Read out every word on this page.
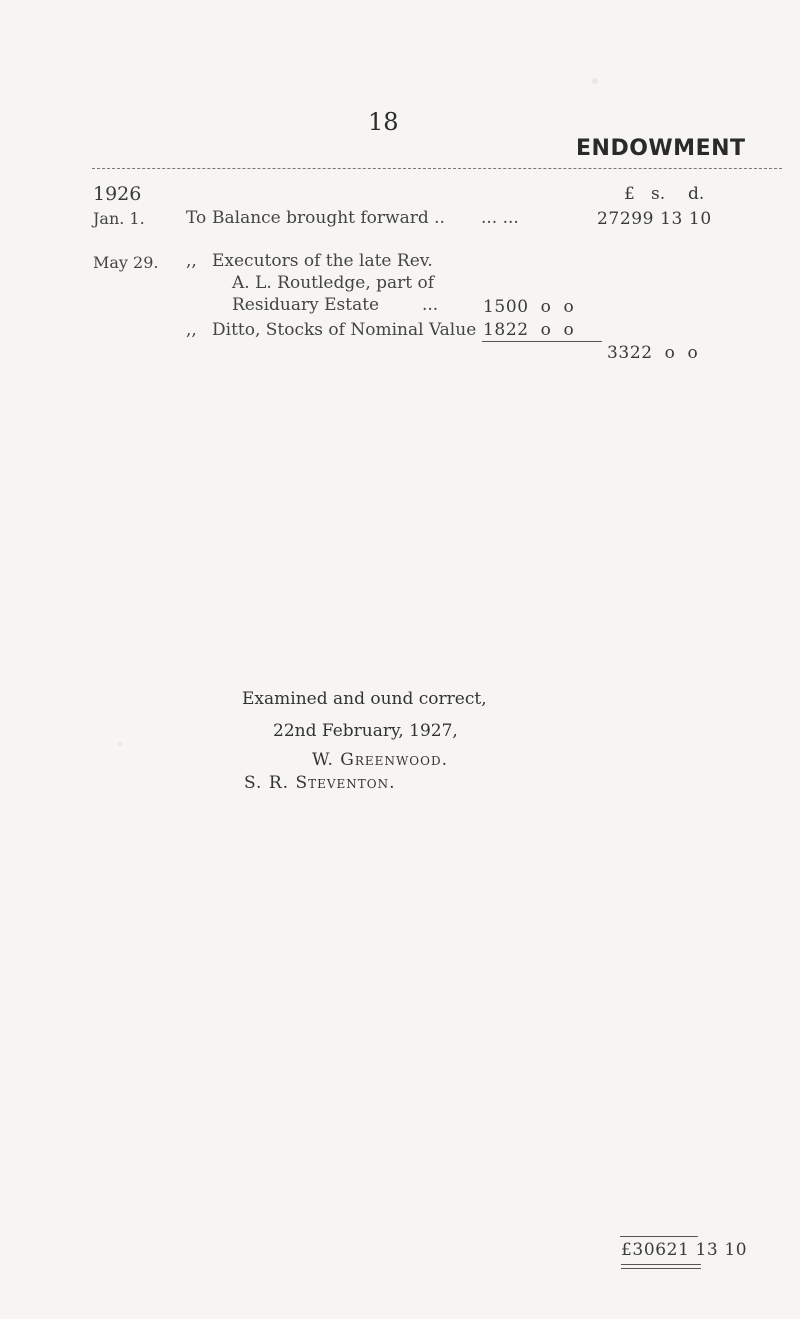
18
ENDOWMENT
1926	£ s. d.
Jan. 1. To Balance brought forward .. ... ...	27299 13 10
May 29. ,, Executors of the late Rev.
A. L. Routledge, part of
Residuary Estate	...	1500  o  o
,, Ditto, Stocks of Nominal Value 1822  o  o
3322  o  o
Examined and ound correct,
22nd February, 1927,
W. Greenwood.
S. R. Steventon.
£30621 13 10
